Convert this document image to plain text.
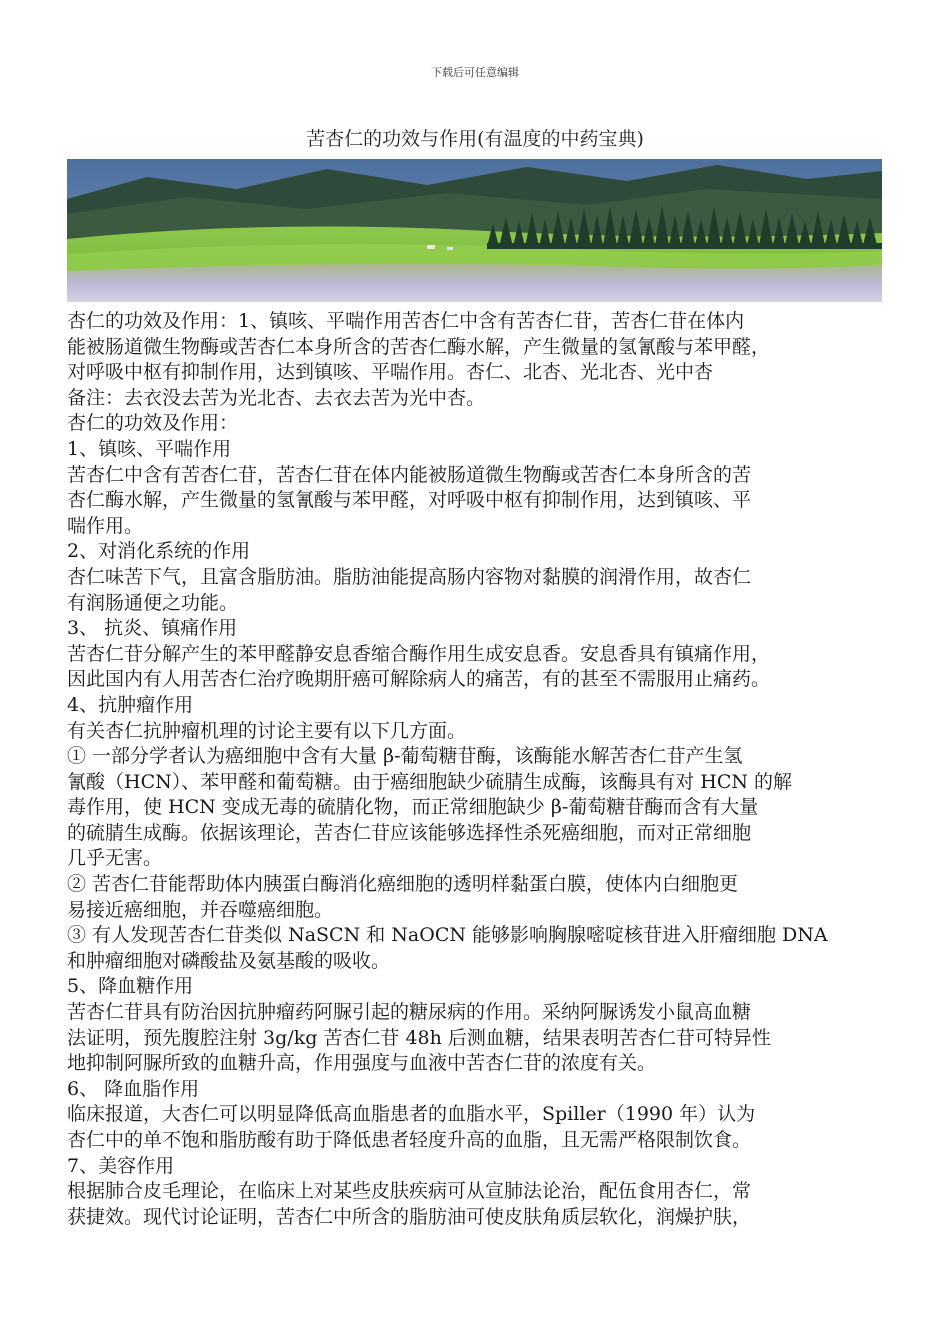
下载后可任意编辑
苦杏仁的功效与作用(有温度的中药宝典)
杏仁的功效及作用：1、镇咳、平喘作用苦杏仁中含有苦杏仁苷，苦杏仁苷在体内
能被肠道微生物酶或苦杏仁本身所含的苦杏仁酶水解，产生微量的氢氰酸与苯甲醛，
对呼吸中枢有抑制作用，达到镇咳、平喘作用。杏仁、北杏、光北杏、光中杏
备注：去衣没去苦为光北杏、去衣去苦为光中杏。
杏仁的功效及作用：
1、镇咳、平喘作用
苦杏仁中含有苦杏仁苷，苦杏仁苷在体内能被肠道微生物酶或苦杏仁本身所含的苦
杏仁酶水解，产生微量的氢氰酸与苯甲醛，对呼吸中枢有抑制作用，达到镇咳、平
喘作用。
2、对消化系统的作用
杏仁味苦下气，且富含脂肪油。脂肪油能提高肠内容物对黏膜的润滑作用，故杏仁
有润肠通便之功能。
3、 抗炎、镇痛作用
苦杏仁苷分解产生的苯甲醛静安息香缩合酶作用生成安息香。安息香具有镇痛作用，
因此国内有人用苦杏仁治疗晚期肝癌可解除病人的痛苦，有的甚至不需服用止痛药。
4、抗肿瘤作用
有关杏仁抗肿瘤机理的讨论主要有以下几方面。
① 一部分学者认为癌细胞中含有大量 β-葡萄糖苷酶，该酶能水解苦杏仁苷产生氢
氰酸（HCN）、苯甲醛和葡萄糖。由于癌细胞缺少硫腈生成酶，该酶具有对 HCN 的解
毒作用，使 HCN 变成无毒的硫腈化物，而正常细胞缺少 β-葡萄糖苷酶而含有大量
的硫腈生成酶。依据该理论，苦杏仁苷应该能够选择性杀死癌细胞，而对正常细胞
几乎无害。
② 苦杏仁苷能帮助体内胰蛋白酶消化癌细胞的透明样黏蛋白膜，使体内白细胞更
易接近癌细胞，并吞噬癌细胞。
③ 有人发现苦杏仁苷类似 NaSCN 和 NaOCN 能够影响胸腺嘧啶核苷进入肝瘤细胞 DNA
和肿瘤细胞对磷酸盐及氨基酸的吸收。
5、降血糖作用
苦杏仁苷具有防治因抗肿瘤药阿脲引起的糖尿病的作用。采纳阿脲诱发小鼠高血糖
法证明，预先腹腔注射 3g/kg 苦杏仁苷 48h 后测血糖，结果表明苦杏仁苷可特异性
地抑制阿脲所致的血糖升高，作用强度与血液中苦杏仁苷的浓度有关。
6、 降血脂作用
临床报道，大杏仁可以明显降低高血脂患者的血脂水平，Spiller（1990 年）认为
杏仁中的单不饱和脂肪酸有助于降低患者轻度升高的血脂，且无需严格限制饮食。
7、美容作用
根据肺合皮毛理论，在临床上对某些皮肤疾病可从宣肺法论治，配伍食用杏仁，常
获捷效。现代讨论证明，苦杏仁中所含的脂肪油可使皮肤角质层软化，润燥护肤，
